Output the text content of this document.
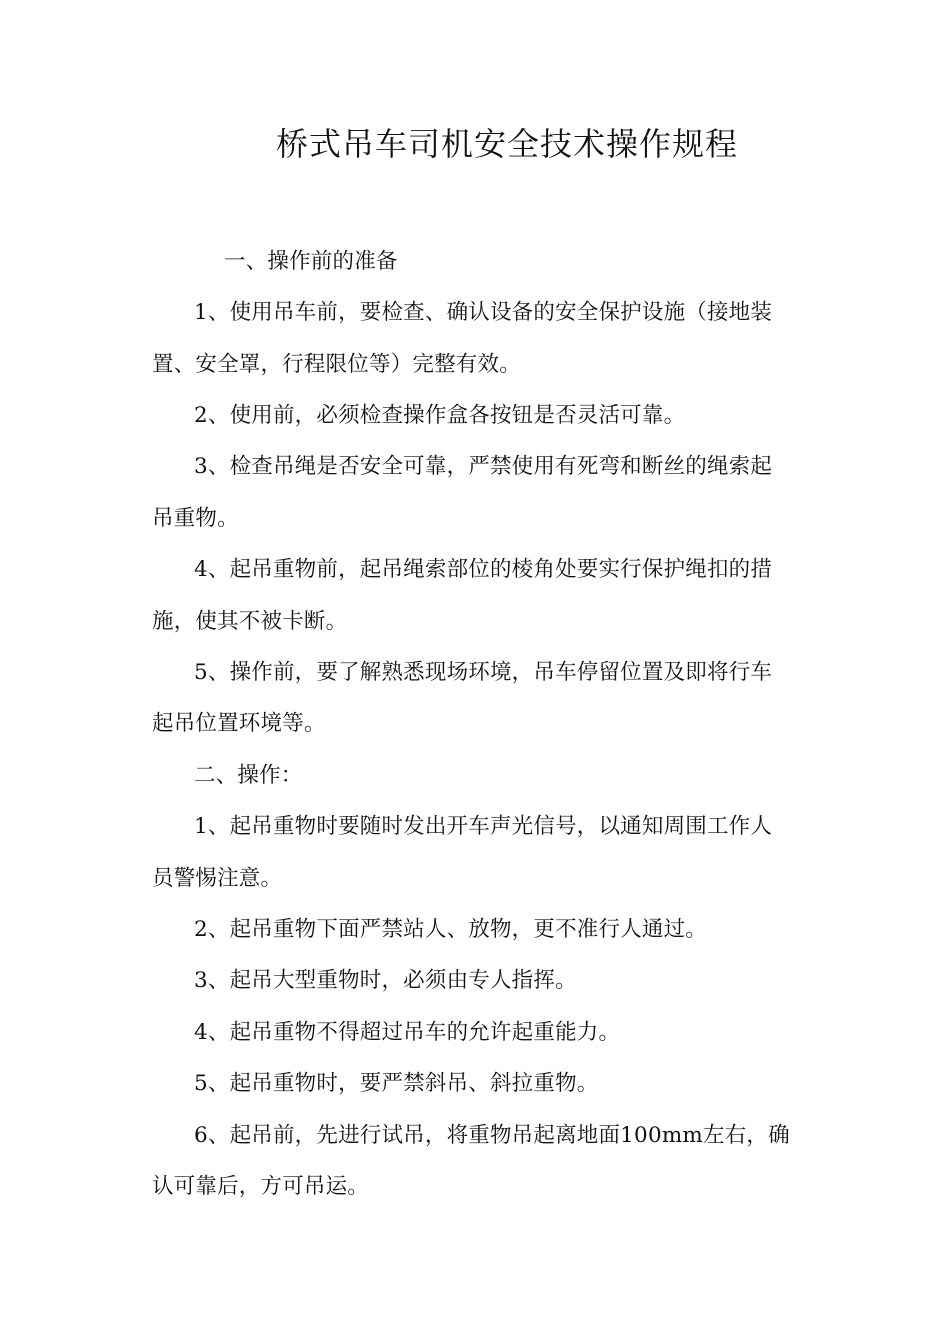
桥式吊车司机安全技术操作规程
一、操作前的准备
1、使用吊车前，要检查、确认设备的安全保护设施（接地装
置、安全罩，行程限位等）完整有效。
2、使用前，必须检查操作盒各按钮是否灵活可靠。
3、检查吊绳是否安全可靠，严禁使用有死弯和断丝的绳索起
吊重物。
4、起吊重物前，起吊绳索部位的棱角处要实行保护绳扣的措
施，使其不被卡断。
5、操作前，要了解熟悉现场环境，吊车停留位置及即将行车
起吊位置环境等。
二、操作：
1、起吊重物时要随时发出开车声光信号，以通知周围工作人
员警惕注意。
2、起吊重物下面严禁站人、放物，更不准行人通过。
3、起吊大型重物时，必须由专人指挥。
4、起吊重物不得超过吊车的允许起重能力。
5、起吊重物时，要严禁斜吊、斜拉重物。
6、起吊前，先进行试吊，将重物吊起离地面100mm左右，确
认可靠后，方可吊运。
